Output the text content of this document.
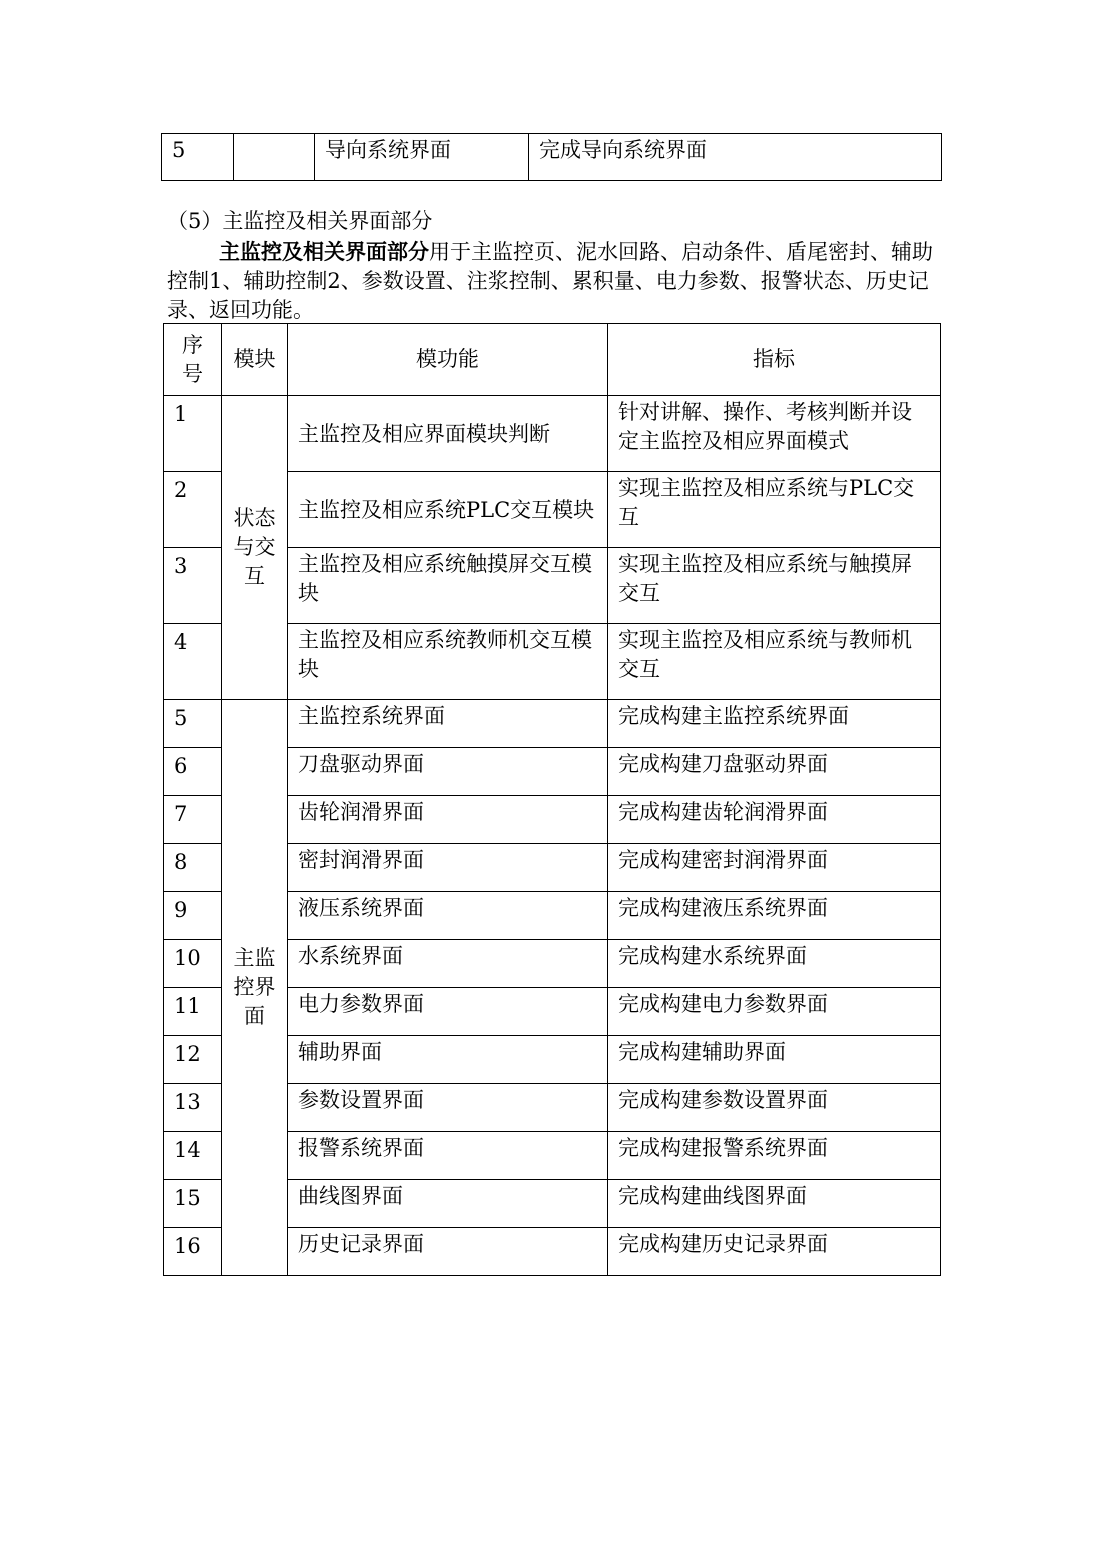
5		导向系统界面	完成导向系统界面
（5）主监控及相关界面部分
主监控及相关界面部分用于主监控页、泥水回路、启动条件、盾尾密封、辅助控制1、辅助控制2、参数设置、注浆控制、累积量、电力参数、报警状态、历史记录、返回功能。
序号	模块	模功能	指标
1	状态与交互	主监控及相应界面模块判断	针对讲解、操作、考核判断并设定主监控及相应界面模式
2		主监控及相应系统PLC交互模块	实现主监控及相应系统与PLC交互
3		主监控及相应系统触摸屏交互模块	实现主监控及相应系统与触摸屏交互
4		主监控及相应系统教师机交互模块	实现主监控及相应系统与教师机交互
5	主监控界面	主监控系统界面	完成构建主监控系统界面
6		刀盘驱动界面	完成构建刀盘驱动界面
7		齿轮润滑界面	完成构建齿轮润滑界面
8		密封润滑界面	完成构建密封润滑界面
9		液压系统界面	完成构建液压系统界面
10		水系统界面	完成构建水系统界面
11		电力参数界面	完成构建电力参数界面
12		辅助界面	完成构建辅助界面
13		参数设置界面	完成构建参数设置界面
14		报警系统界面	完成构建报警系统界面
15		曲线图界面	完成构建曲线图界面
16		历史记录界面	完成构建历史记录界面
